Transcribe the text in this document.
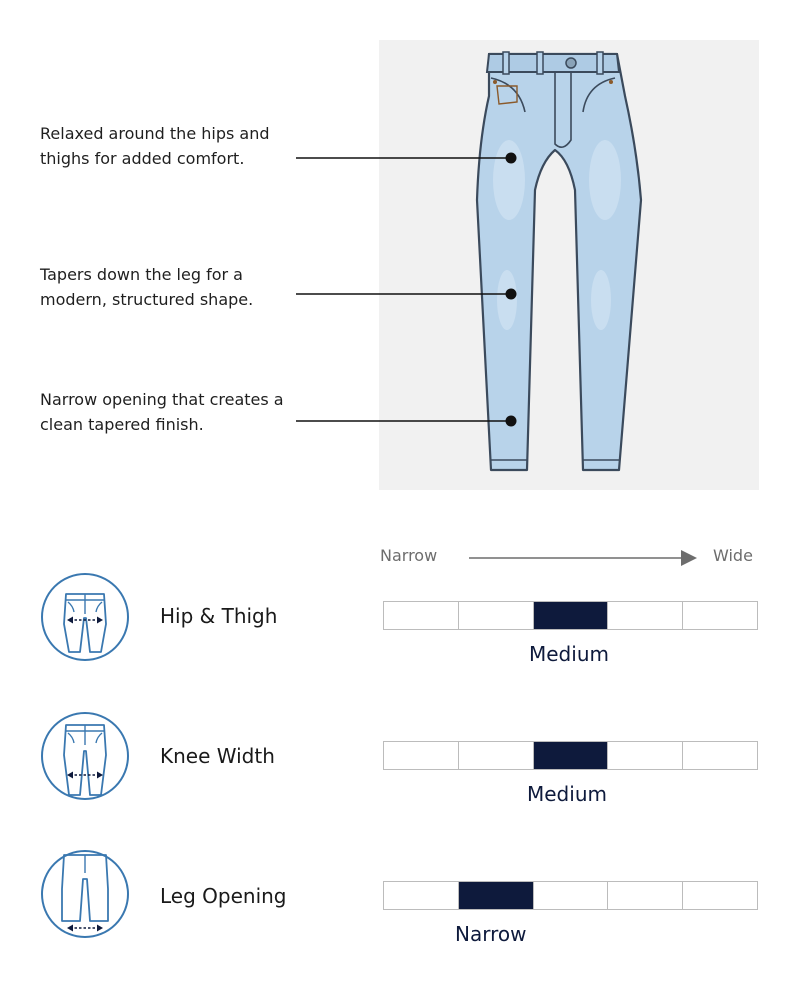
Relaxed around the hips and thighs for added comfort.

Tapers down the leg for a modern, structured shape.

Narrow opening that creates a clean tapered finish.

Narrow	Wide
Hip & Thigh
Medium
Knee Width
Medium
Leg Opening
Narrow
